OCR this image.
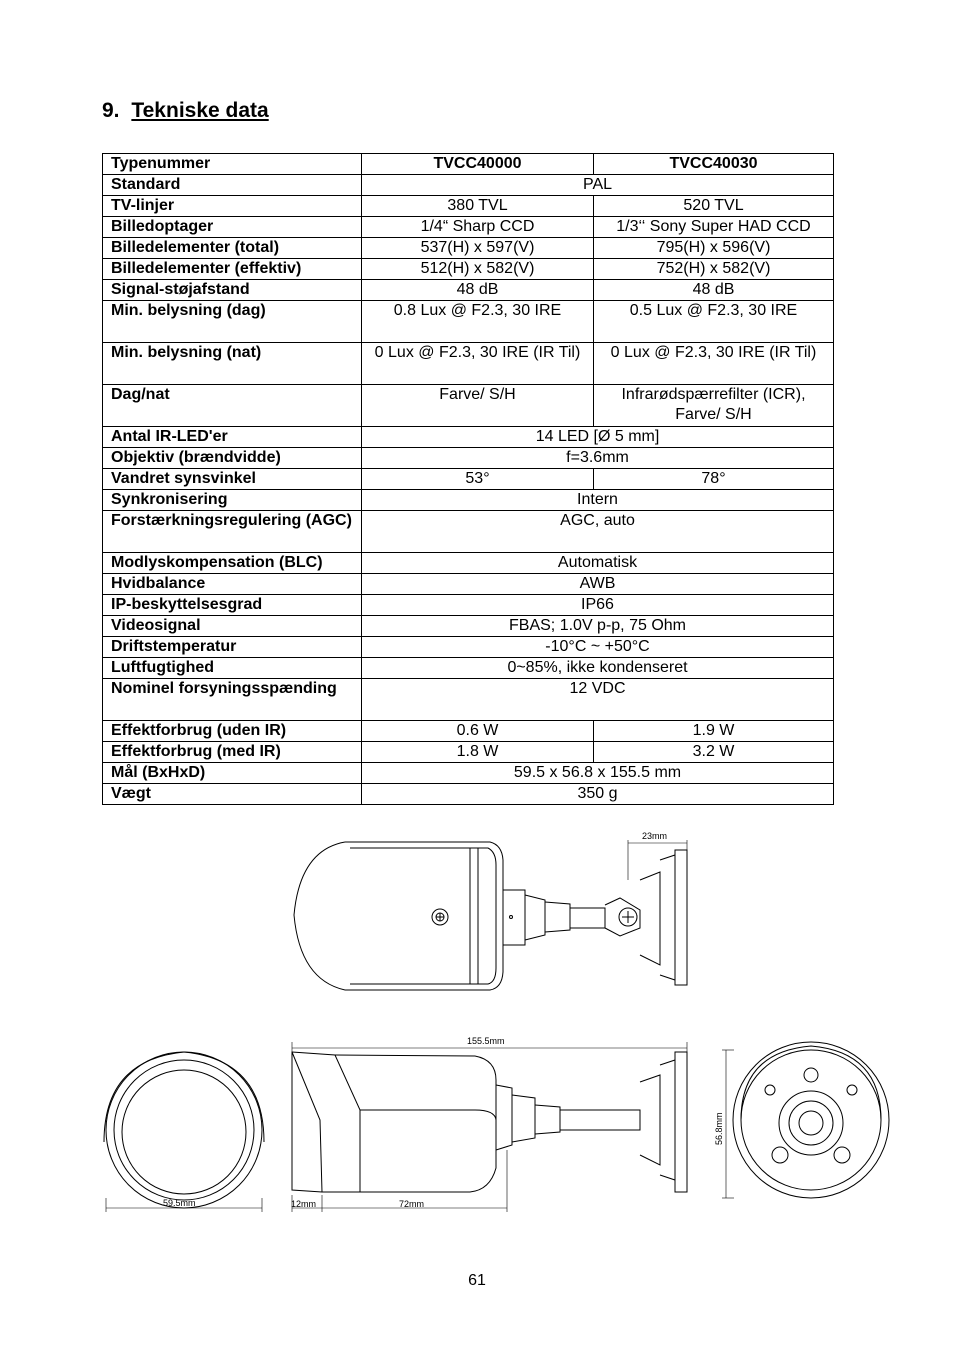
9. Tekniske data
Typenummer	TVCC40000	TVCC40030
Standard	PAL	
TV-linjer	380 TVL	520 TVL
Billedoptager	1/4“ Sharp CCD	1/3‘‘ Sony Super HAD CCD
Billedelementer (total)	537(H) x 597(V)	795(H) x 596(V)
Billedelementer (effektiv)	512(H) x 582(V)	752(H) x 582(V)
Signal-støjafstand	48 dB	48 dB
Min. belysning (dag)	0.8 Lux @ F2.3, 30 IRE	0.5 Lux @ F2.3, 30 IRE
Min. belysning (nat)	0 Lux @ F2.3, 30 IRE (IR Til)	0 Lux @ F2.3, 30 IRE (IR Til)
Dag/nat	Farve/ S/H	Infrarødspærrefilter (ICR), Farve/ S/H
Antal IR-LED'er	14 LED [Ø 5 mm]	
Objektiv (brændvidde)	f=3.6mm	
Vandret synsvinkel	53°	78°
Synkronisering	Intern	
Forstærkningsregulering (AGC)	AGC, auto	
Modlyskompensation (BLC)	Automatisk	
Hvidbalance	AWB	
IP-beskyttelsesgrad	IP66	
Videosignal	FBAS; 1.0V p-p, 75 Ohm	
Driftstemperatur	-10°C ~ +50°C	
Luftfugtighed	0~85%, ikke kondenseret	
Nominel forsyningsspænding	12 VDC	
Effektforbrug (uden IR)	0.6 W	1.9 W
Effektforbrug (med IR)	1.8 W	3.2 W
Mål (BxHxD)	59.5 x 56.8 x 155.5 mm	
Vægt	350 g	
23mm
59.5mm
155.5mm
12mm	72mm
56.8mm
61
